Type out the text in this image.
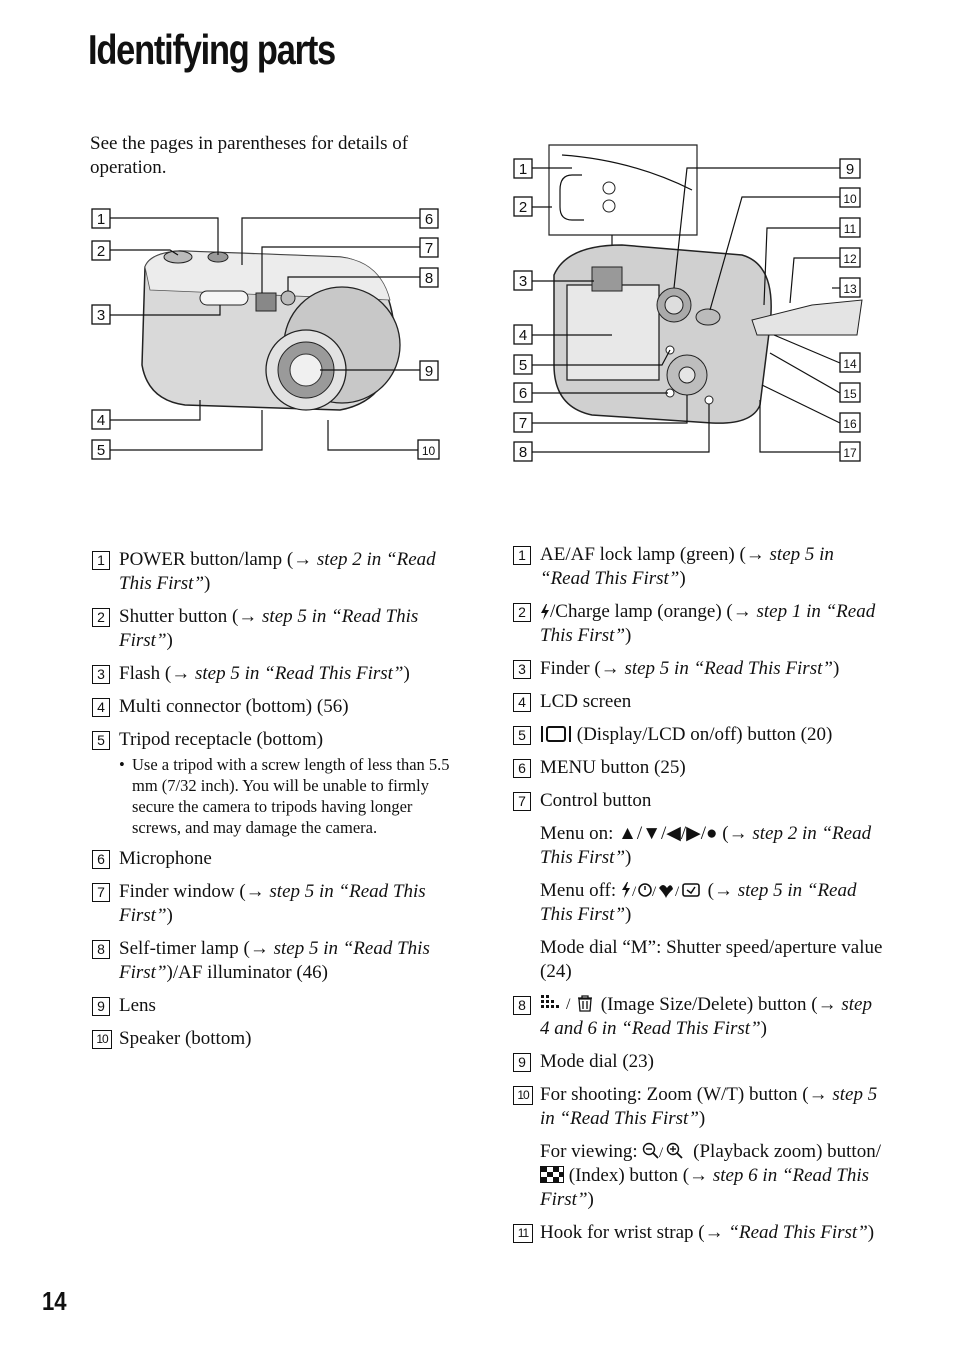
Identifying parts

See the pages in parentheses for details of operation.

1
2
3
4
5
6
7
8
9
10
1
2
3
4
5
6
7
8
9
10
11
12
13
14
15
16
17
1 POWER button/lamp (→ step 2 in “Read This First”)
2 Shutter button (→ step 5 in “Read This First”)
3 Flash (→ step 5 in “Read This First”)
4 Multi connector (bottom) (56)
5 Tripod receptacle (bottom)
• Use a tripod with a screw length of less than 5.5 mm (7/32 inch). You will be unable to firmly secure the camera to tripods having longer screws, and may damage the camera.
6 Microphone
7 Finder window (→ step 5 in “Read This First”)
8 Self-timer lamp (→ step 5 in “Read This First”)/AF illuminator (46)
9 Lens
10 Speaker (bottom)
1 AE/AF lock lamp (green) (→ step 5 in “Read This First”)
2 /Charge lamp (orange) (→ step 1 in “Read This First”)
3 Finder (→ step 5 in “Read This First”)
4 LCD screen
5 (Display/LCD on/off) button (20)
6 MENU button (25)
7 Control button
Menu on: ▲/▼/◀/▶/● (→ step 2 in “Read This First”)
Menu off: / / / (→ step 5 in “Read This First”)
Mode dial “M”: Shutter speed/aperture value (24)
8	/ (Image Size/Delete) button (→ step 4 and 6 in “Read This First”)
9 Mode dial (23)
10 For shooting: Zoom (W/T) button (→ step 5 in “Read This First”)
For viewing: / (Playback zoom) button/ (Index) button (→ step 6 in “Read This First”)
11 Hook for wrist strap (→ “Read This First”)
14
